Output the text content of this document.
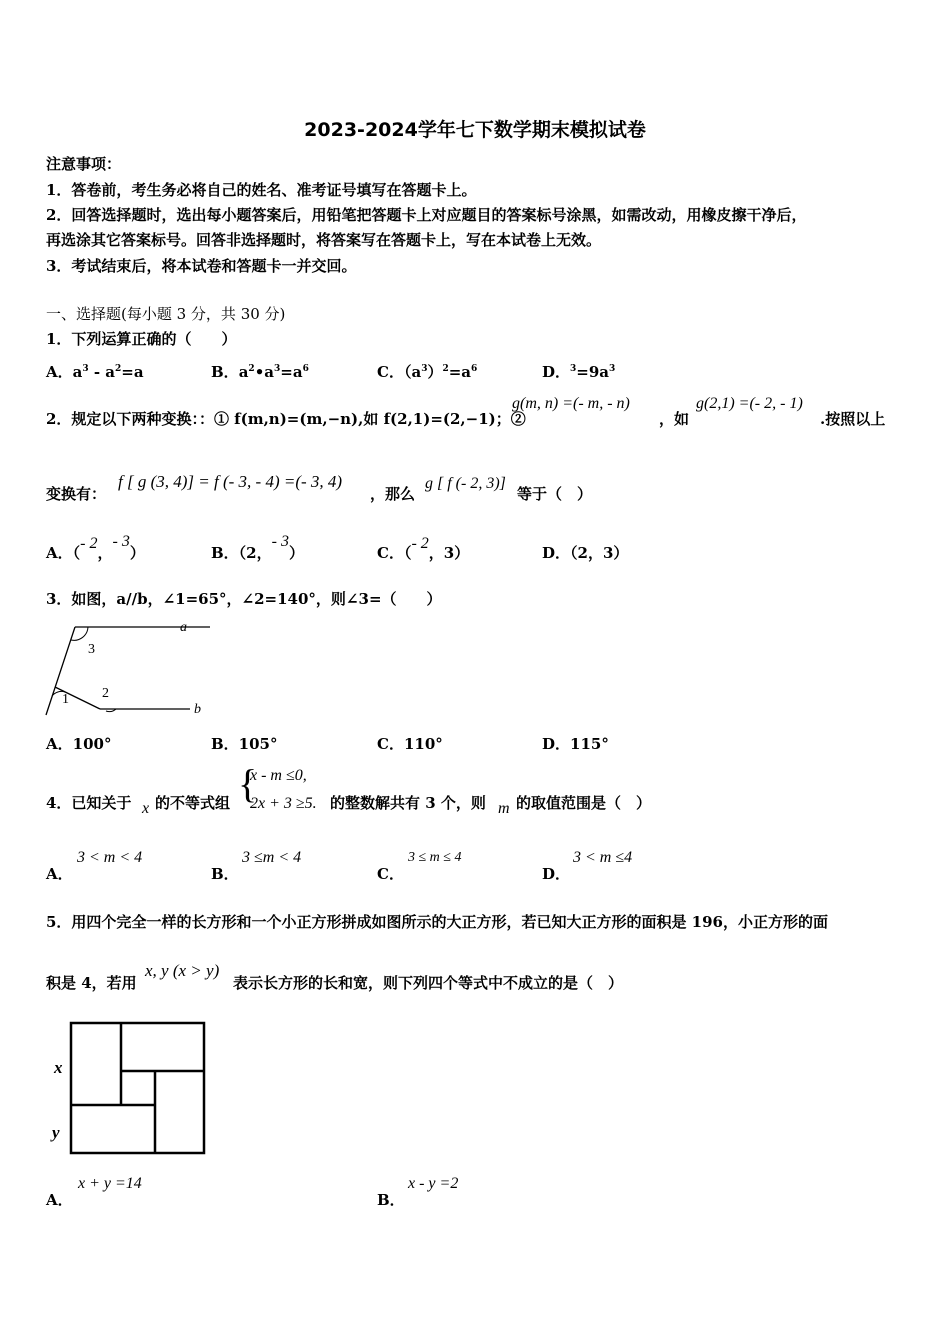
2023-2024学年七下数学期末模拟试卷
注意事项：
1．答卷前，考生务必将自己的姓名、准考证号填写在答题卡上。
2．回答选择题时，选出每小题答案后，用铅笔把答题卡上对应题目的答案标号涂黑，如需改动，用橡皮擦干净后，
再选涂其它答案标号。回答非选择题时，将答案写在答题卡上，写在本试卷上无效。
3．考试结束后，将本试卷和答题卡一并交回。
一、选择题(每小题 3 分，共 30 分)
1．下列运算正确的（　　）
A．$a^3 - a^2=a$	B．$a^2•a^3=a^6$	C．$(a^3)^2=a^6$	D．$^3=9a^3$
2．规定以下两种变换：：① f(m,n)=(m,−n),如 f(2,1)=(2,−1)；②
g(m, n) =(- m, - n)
，如
g(2,1) =(- 2, - 1)
.按照以上
变换有：
f [ g (3, 4)] = f (- 3, - 4) =(- 3, 4)
，那么
g [ f (- 2, 3)]
等于（　）
A．（- 2，- 3）	B．（2，- 3）	C．（- 2，3）	D．（2，3）
3．如图，a//b，∠1=65°，∠2=140°，则∠3=（　　）
a
b
3
1 2
A．100°	B．105°	C．110°	D．115°
4．已知关于 x 的不等式组 {
x - m ≤0,
2x + 3 ≥5. 的整数解共有 3 个，则 m 的取值范围是（　）
A．
3 < m < 4
B．
3 ≤m < 4
C．
3 ≤ m ≤ 4
D．
3 < m ≤4
5．用四个完全一样的长方形和一个小正方形拼成如图所示的大正方形，若已知大正方形的面积是 196，小正方形的面
积是 4，若用
x, y (x > y)
表示长方形的长和宽，则下列四个等式中不成立的是（　）
x
y
A．
x + y =14
B．
x - y =2
